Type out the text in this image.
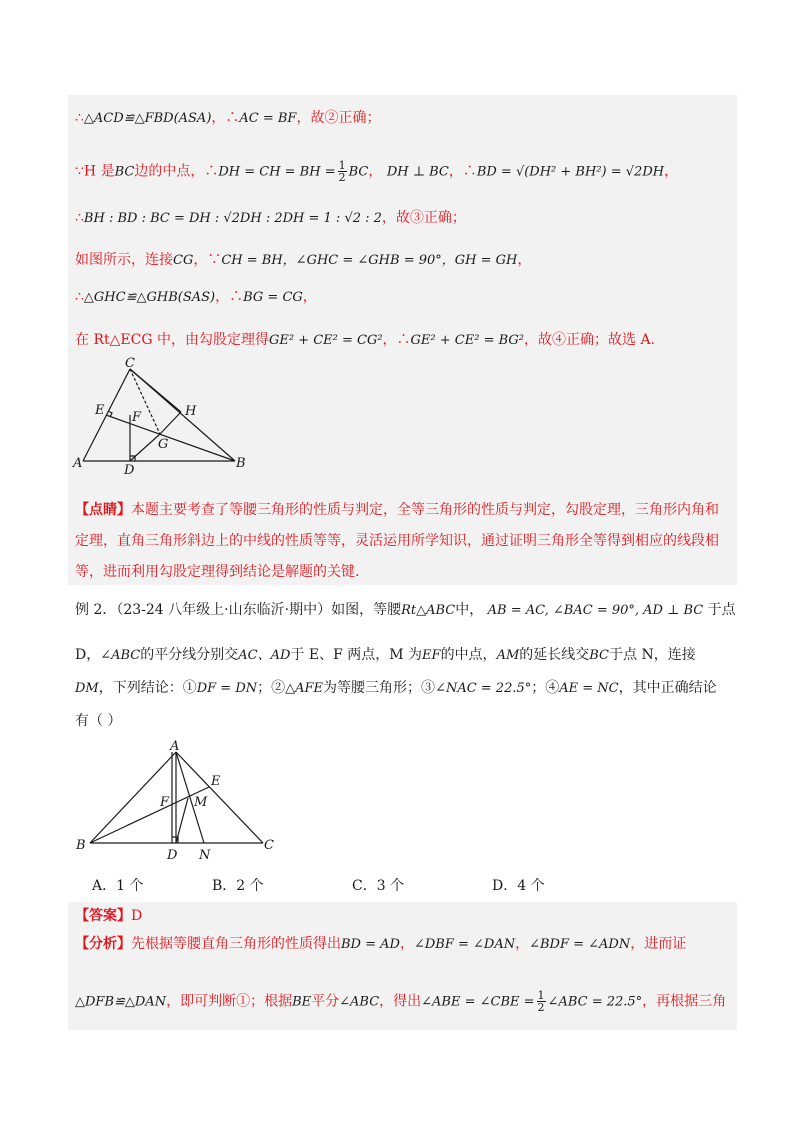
∴△ACD≌△FBD(ASA)，∴AC = BF，故②正确；
∵H 是BC边的中点，∴DH = CH = BH = $\frac{1}{2}$ BC， DH ⊥ BC，∴BD = √(DH² + BH²) = √2DH，
∴BH : BD : BC = DH : √2DH : 2DH = 1 : √2 : 2，故③正确；
如图所示，连接CG，∵CH = BH，∠GHC = ∠GHB = 90°，GH = GH，
∴△GHC≌△GHB(SAS)，∴BG = CG，
在 Rt△ECG 中，由勾股定理得GE² + CE² = CG²，∴GE² + CE² = BG²，故④正确；故选 A.
C
E F	H
G
A	D	B
【点睛】本题主要考查了等腰三角形的性质与判定，全等三角形的性质与判定，勾股定理，三角形内角和
定理，直角三角形斜边上的中线的性质等等，灵活运用所学知识，通过证明三角形全等得到相应的线段相
等，进而利用勾股定理得到结论是解题的关键.
例 2．（23-24 八年级上·山东临沂·期中）如图，等腰Rt△ABC中， AB = AC, ∠BAC = 90°, AD ⊥ BC 于点
D，∠ABC的平分线分别交AC、AD于 E、F 两点，M 为EF的中点，AM的延长线交BC于点 N，连接
DM，下列结论：①DF = DN；②△AFE为等腰三角形；③∠NAC = 22.5°；④AE = NC，其中正确结论
有（ ）
A
E
F M
B
D N
C
A．1 个	B．2 个	C．3 个	D．4 个
【答案】D
【分析】先根据等腰直角三角形的性质得出BD = AD，∠DBF = ∠DAN，∠BDF = ∠ADN，进而证
△DFB≌△DAN，即可判断①；根据BE平分∠ABC，得出∠ABE = ∠CBE = $\frac{1}{2}$ ∠ABC = 22.5°，再根据三角
